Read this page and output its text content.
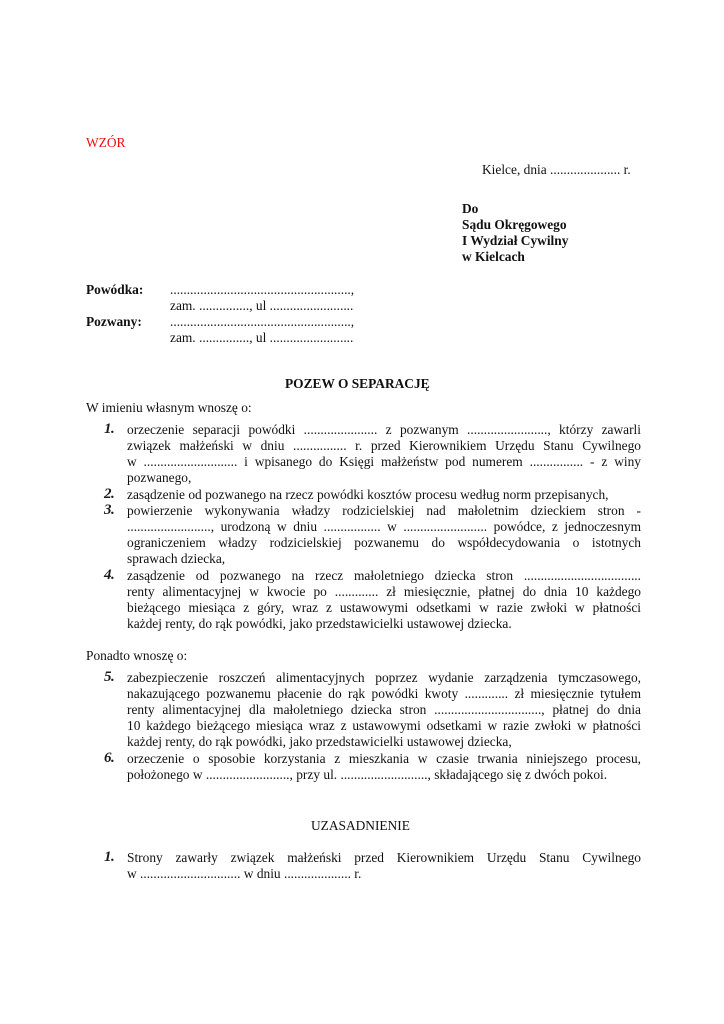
WZÓR
Kielce, dnia ..................... r.
Do
Sądu Okręgowego
I Wydział Cywilny
w Kielcach
Powódka: ......................................................,
zam. ..............., ul .........................
Pozwany: ......................................................,
zam. ..............., ul .........................
POZEW O SEPARACJĘ
W imieniu własnym wnoszę o:
1. orzeczenie separacji powódki ...................... z pozwanym ........................, którzy zawarli
związek małżeński w dniu ................ r. przed Kierownikiem Urzędu Stanu Cywilnego
w ............................ i wpisanego do Księgi małżeństw pod numerem ................ - z winy
pozwanego,
2. zasądzenie od pozwanego na rzecz powódki kosztów procesu według norm przepisanych,
3. powierzenie wykonywania władzy rodzicielskiej nad małoletnim dzieckiem stron -
........................., urodzoną w dniu ................. w ......................... powódce, z jednoczesnym
ograniczeniem władzy rodzicielskiej pozwanemu do współdecydowania o istotnych
sprawach dziecka,
4. zasądzenie od pozwanego na rzecz małoletniego dziecka stron ...................................
renty alimentacyjnej w kwocie po ............. zł miesięcznie, płatnej do dnia 10 każdego
bieżącego miesiąca z góry, wraz z ustawowymi odsetkami w razie zwłoki w płatności
każdej renty, do rąk powódki, jako przedstawicielki ustawowej dziecka.
Ponadto wnoszę o:
5. zabezpieczenie roszczeń alimentacyjnych poprzez wydanie zarządzenia tymczasowego,
nakazującego pozwanemu płacenie do rąk powódki kwoty ............. zł miesięcznie tytułem
renty alimentacyjnej dla małoletniego dziecka stron ................................, płatnej do dnia
10 każdego bieżącego miesiąca wraz z ustawowymi odsetkami w razie zwłoki w płatności
każdej renty, do rąk powódki, jako przedstawicielki ustawowej dziecka,
6. orzeczenie o sposobie korzystania z mieszkania w czasie trwania niniejszego procesu,
położonego w ........................., przy ul. .........................., składającego się z dwóch pokoi.
UZASADNIENIE
1. Strony zawarły związek małżeński przed Kierownikiem Urzędu Stanu Cywilnego
w .............................. w dniu .................... r.
